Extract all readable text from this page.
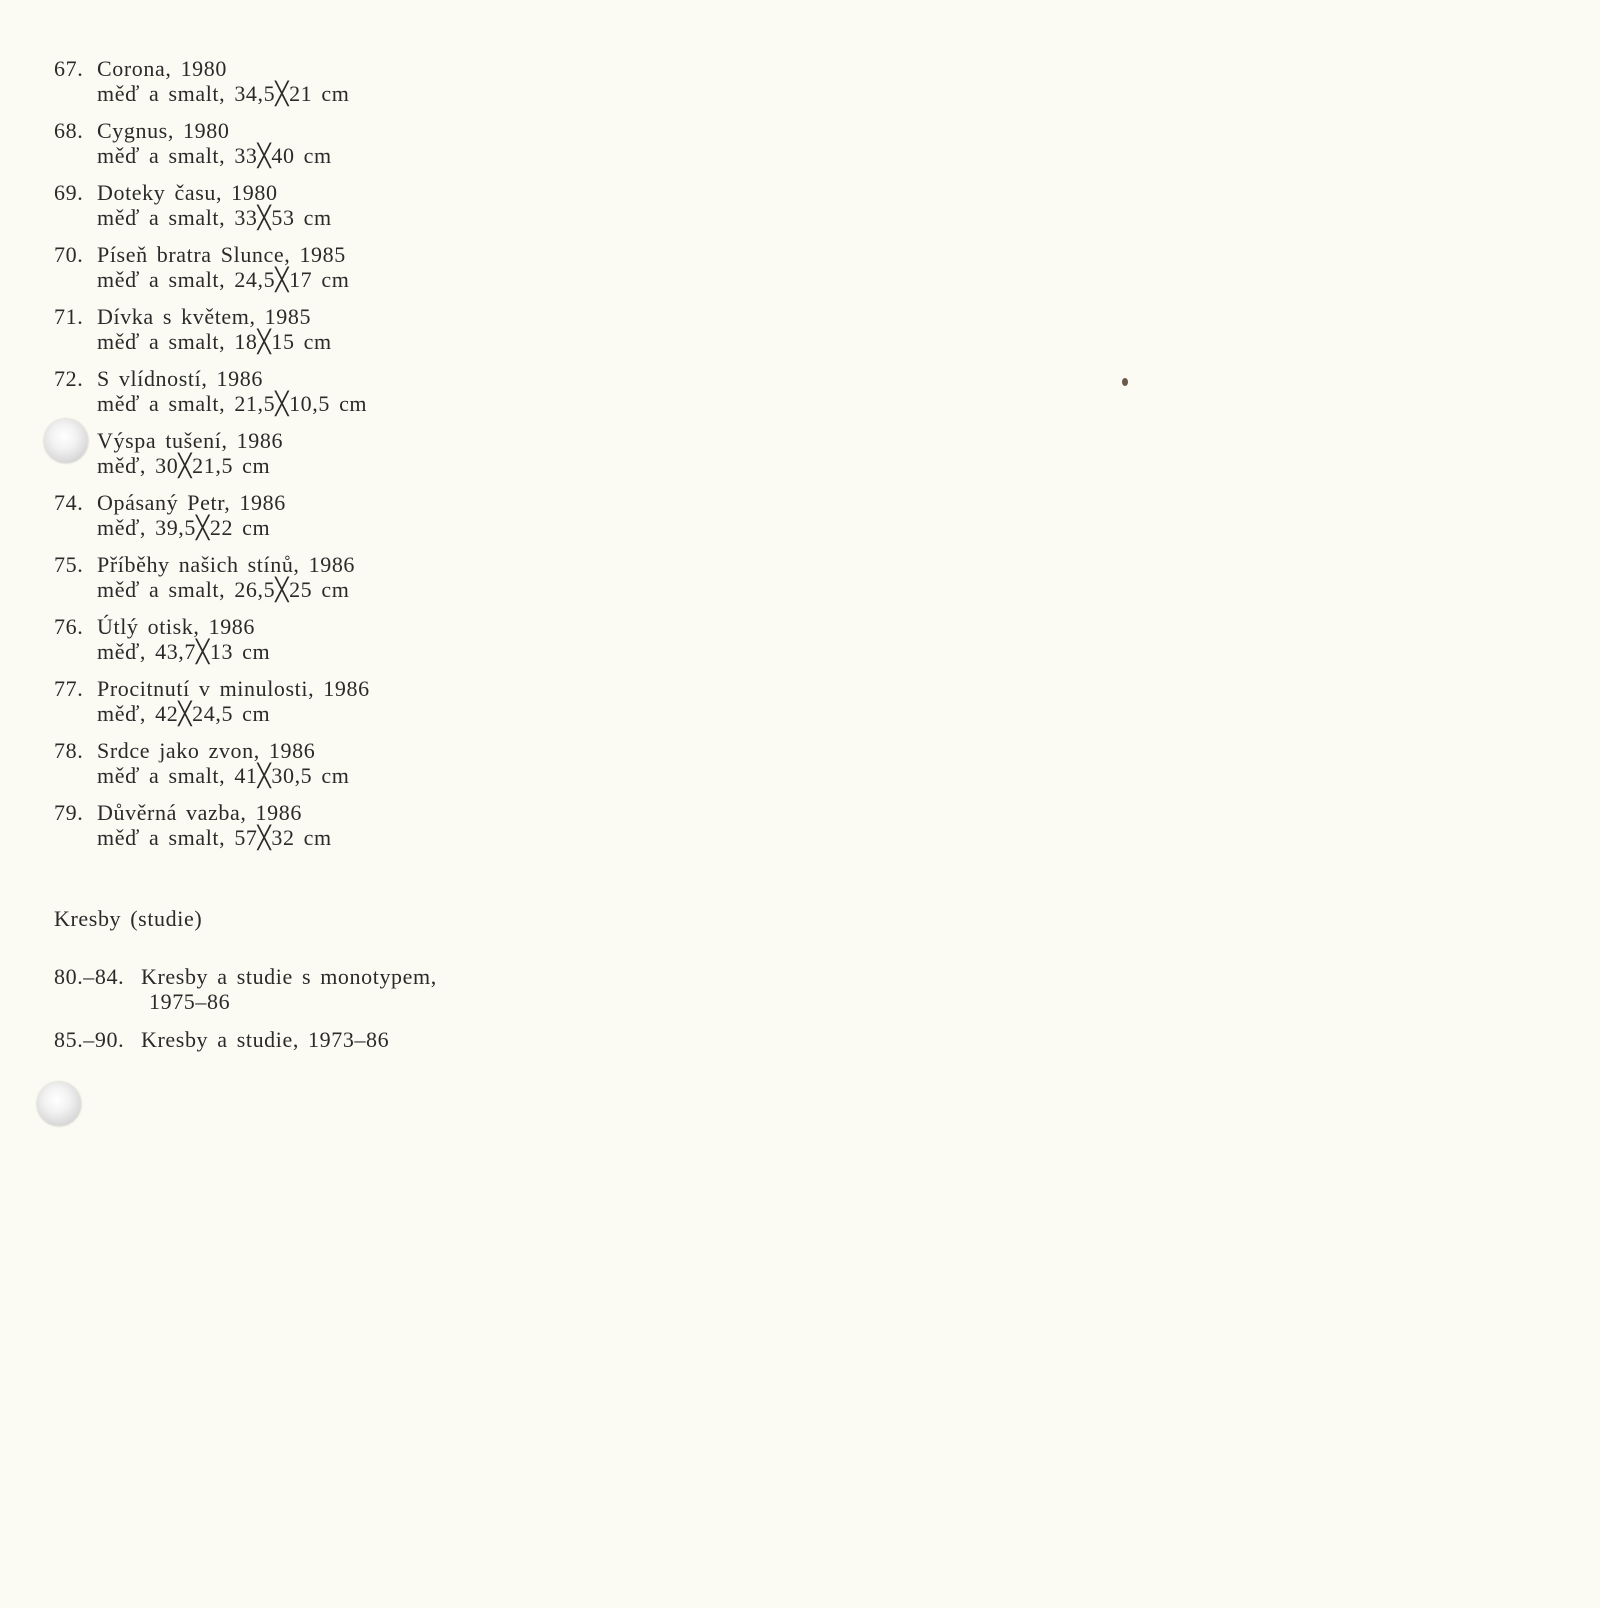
67. Corona, 1980
měď a smalt, 34,5╳21 cm
68. Cygnus, 1980
měď a smalt, 33╳40 cm
69. Doteky času, 1980
měď a smalt, 33╳53 cm
70. Píseň bratra Slunce, 1985
měď a smalt, 24,5╳17 cm
71. Dívka s květem, 1985
měď a smalt, 18╳15 cm
72. S vlídností, 1986
měď a smalt, 21,5╳10,5 cm
Výspa tušení, 1986
měď, 30╳21,5 cm
74. Opásaný Petr, 1986
měď, 39,5╳22 cm
75. Příběhy našich stínů, 1986
měď a smalt, 26,5╳25 cm
76. Útlý otisk, 1986
měď, 43,7╳13 cm
77. Procitnutí v minulosti, 1986
měď, 42╳24,5 cm
78. Srdce jako zvon, 1986
měď a smalt, 41╳30,5 cm
79. Důvěrná vazba, 1986
měď a smalt, 57╳32 cm
Kresby (studie)
80.–84. Kresby a studie s monotypem,
1975–86
85.–90. Kresby a studie, 1973–86
